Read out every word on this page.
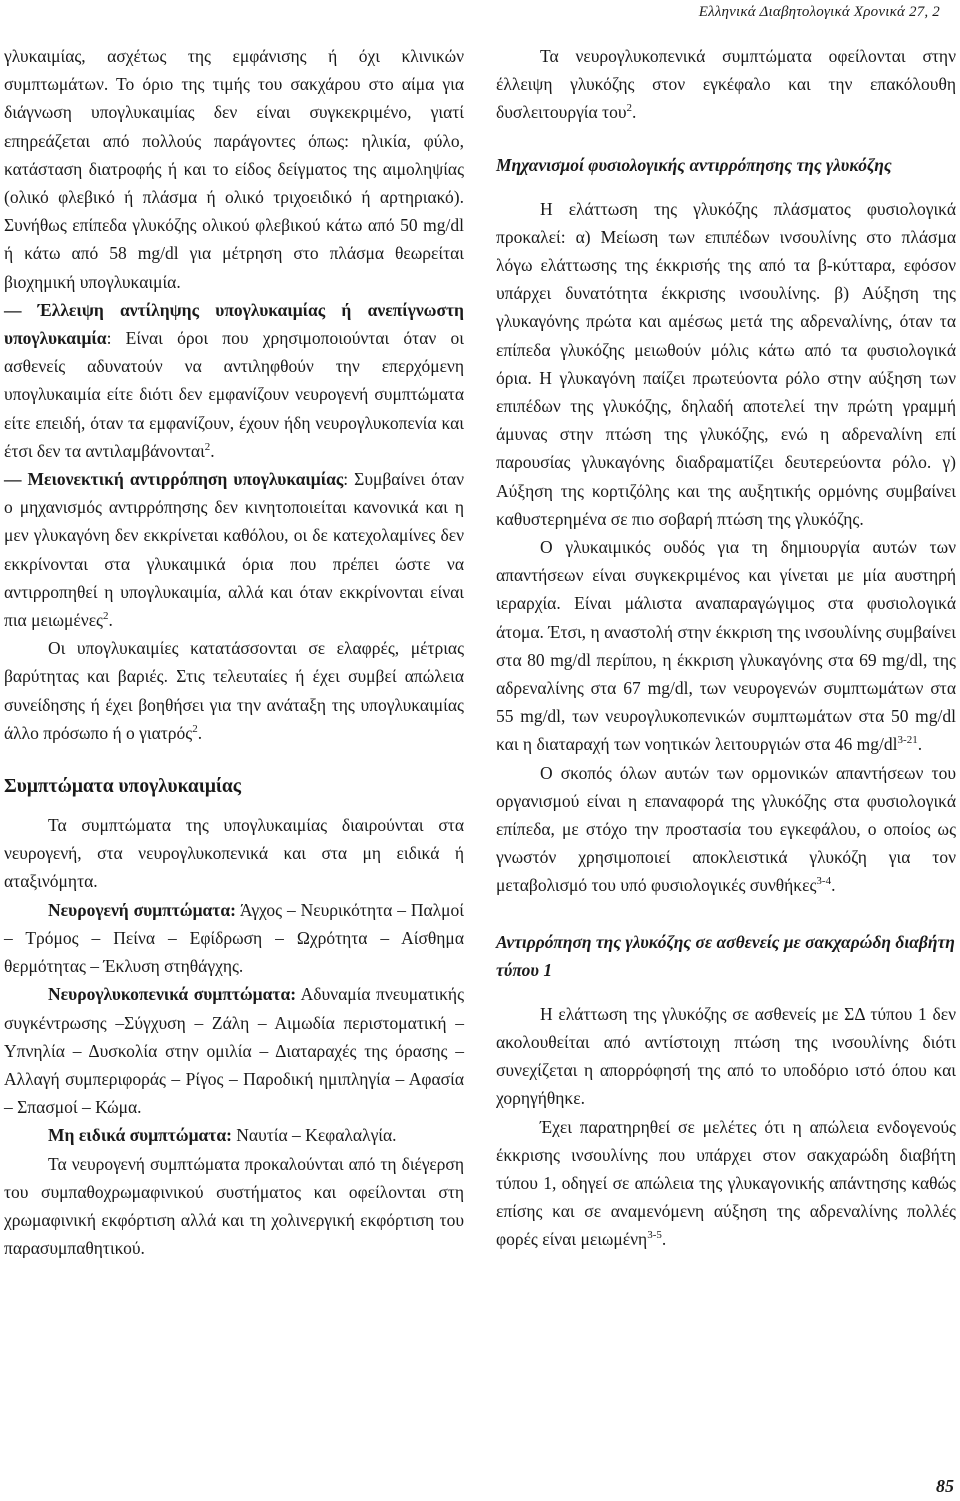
Ελληνικά Διαβητολογικά Χρονικά 27, 2

γλυκαιμίας, ασχέτως της εμφάνισης ή όχι κλινικών συμπτωμάτων. Το όριο της τιμής του σακχάρου στο αίμα για διάγνωση υπογλυκαιμίας δεν είναι συγκεκριμένο, γιατί επηρεάζεται από πολλούς παράγοντες όπως: ηλικία, φύλο, κατάσταση διατροφής ή και το είδος δείγματος της αιμοληψίας (ολικό φλεβικό ή πλάσμα ή ολικό τριχοειδικό ή αρτηριακό). Συνήθως επίπεδα γλυκόζης ολικού φλεβικού κάτω από 50 mg/dl ή κάτω από 58 mg/dl για μέτρηση στο πλάσμα θεωρείται βιοχημική υπογλυκαιμία.

— Έλλειψη αντίληψης υπογλυκαιμίας ή ανεπίγνωστη υπογλυκαιμία: Είναι όροι που χρησιμοποιούνται όταν οι ασθενείς αδυνατούν να αντιληφθούν την επερχόμενη υπογλυκαιμία είτε διότι δεν εμφανίζουν νευρογενή συμπτώματα είτε επειδή, όταν τα εμφανίζουν, έχουν ήδη νευρογλυκοπενία και έτσι δεν τα αντιλαμβάνονται$^2$.

— Μειονεκτική αντιρρόπηση υπογλυκαιμίας: Συμβαίνει όταν ο μηχανισμός αντιρρόπησης δεν κινητοποιείται κανονικά και η μεν γλυκαγόνη δεν εκκρίνεται καθόλου, οι δε κατεχολαμίνες δεν εκκρίνονται στα γλυκαιμικά όρια που πρέπει ώστε να αντιρροπηθεί η υπογλυκαιμία, αλλά και όταν εκκρίνονται είναι πια μειωμένες$^2$.

Οι υπογλυκαιμίες κατατάσσονται σε ελαφρές, μέτριας βαρύτητας και βαριές. Στις τελευταίες ή έχει συμβεί απώλεια συνείδησης ή έχει βοηθήσει για την ανάταξη της υπογλυκαιμίας άλλο πρόσωπο ή ο γιατρός$^2$.

Συμπτώματα υπογλυκαιμίας

Τα συμπτώματα της υπογλυκαιμίας διαιρούνται στα νευρογενή, στα νευρογλυκοπενικά και στα μη ειδικά ή αταξινόμητα.

Νευρογενή συμπτώματα: Άγχος – Νευρικότητα – Παλμοί – Τρόμος – Πείνα – Εφίδρωση – Ωχρότητα – Αίσθημα θερμότητας – Έκλυση στηθάγχης.

Νευρογλυκοπενικά συμπτώματα: Αδυναμία πνευματικής συγκέντρωσης –Σύγχυση – Ζάλη – Αιμωδία περιστοματική – Υπνηλία – Δυσκολία στην ομιλία – Διαταραχές της όρασης – Αλλαγή συμπεριφοράς – Ρίγος – Παροδική ημιπληγία – Αφασία – Σπασμοί – Κώμα.

Μη ειδικά συμπτώματα: Ναυτία – Κεφαλαλγία.

Τα νευρογενή συμπτώματα προκαλούνται από τη διέγερση του συμπαθοχρωμαφινικού συστήματος και οφείλονται στη χρωμαφινική εκφόρτιση αλλά και τη χολινεργική εκφόρτιση του παρασυμπαθητικού.

Τα νευρογλυκοπενικά συμπτώματα οφείλονται στην έλλειψη γλυκόζης στον εγκέφαλο και την επακόλουθη δυσλειτουργία του$^2$.

Μηχανισμοί φυσιολογικής αντιρρόπησης της γλυκόζης

Η ελάττωση της γλυκόζης πλάσματος φυσιολογικά προκαλεί: α) Μείωση των επιπέδων ινσουλίνης στο πλάσμα λόγω ελάττωσης της έκκρισής της από τα β-κύτταρα, εφόσον υπάρχει δυνατότητα έκκρισης ινσουλίνης. β) Αύξηση της γλυκαγόνης πρώτα και αμέσως μετά της αδρεναλίνης, όταν τα επίπεδα γλυκόζης μειωθούν μόλις κάτω από τα φυσιολογικά όρια. Η γλυκαγόνη παίζει πρωτεύοντα ρόλο στην αύξηση των επιπέδων της γλυκόζης, δηλαδή αποτελεί την πρώτη γραμμή άμυνας στην πτώση της γλυκόζης, ενώ η αδρεναλίνη επί παρουσίας γλυκαγόνης διαδραματίζει δευτερεύοντα ρόλο. γ) Αύξηση της κορτιζόλης και της αυξητικής ορμόνης συμβαίνει καθυστερημένα σε πιο σοβαρή πτώση της γλυκόζης.

Ο γλυκαιμικός ουδός για τη δημιουργία αυτών των απαντήσεων είναι συγκεκριμένος και γίνεται με μία αυστηρή ιεραρχία. Είναι μάλιστα αναπαραγώγιμος στα φυσιολογικά άτομα. Έτσι, η αναστολή στην έκκριση της ινσουλίνης συμβαίνει στα 80 mg/dl περίπου, η έκκριση γλυκαγόνης στα 69 mg/dl, της αδρεναλίνης στα 67 mg/dl, των νευρογενών συμπτωμάτων στα 55 mg/dl, των νευρογλυκοπενικών συμπτωμάτων στα 50 mg/dl και η διαταραχή των νοητικών λειτουργιών στα 46 $mg/dl^{3-21}$.

Ο σκοπός όλων αυτών των ορμονικών απαντήσεων του οργανισμού είναι η επαναφορά της γλυκόζης στα φυσιολογικά επίπεδα, με στόχο την προστασία του εγκεφάλου, ο οποίος ως γνωστόν χρησιμοποιεί αποκλειστικά γλυκόζη για τον μεταβολισμό του υπό φυσιολογικές συνθήκες$^{3-4}$.

Αντιρρόπηση της γλυκόζης σε ασθενείς με σακχαρώδη διαβήτη τύπου 1

Η ελάττωση της γλυκόζης σε ασθενείς με ΣΔ τύπου 1 δεν ακολουθείται από αντίστοιχη πτώση της ινσουλίνης διότι συνεχίζεται η απορρόφησή της από το υποδόριο ιστό όπου και χορηγήθηκε.

Έχει παρατηρηθεί σε μελέτες ότι η απώλεια ενδογενούς έκκρισης ινσουλίνης που υπάρχει στον σακχαρώδη διαβήτη τύπου 1, οδηγεί σε απώλεια της γλυκαγονικής απάντησης καθώς επίσης και σε αναμενόμενη αύξηση της αδρεναλίνης πολλές φορές είναι μειωμένη$^{3-5}$.

85
